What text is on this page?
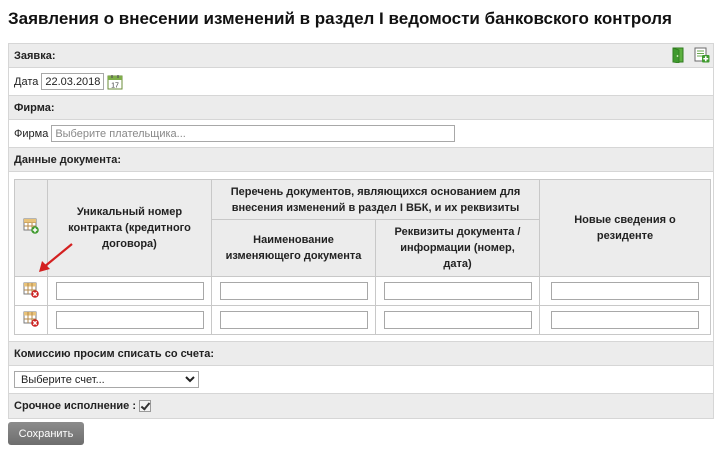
Заявления о внесении изменений в раздел I ведомости банковского контроля
Заявка:
Дата
22.03.2018	17
Фирма:
Фирма
Выберите плательщика...
Данные документа:
	Уникальный номер контракта (кредитного договора)	Перечень документов, являющихся основанием для внесения изменений в раздел I ВБК, и их реквизиты		Новые сведения о резиденте
		Наименование изменяющего документа	Реквизиты документа / информации (номер, дата)	

Комиссию просим списать со счета:
Выберите счет...
Срочное исполнение :
Сохранить
